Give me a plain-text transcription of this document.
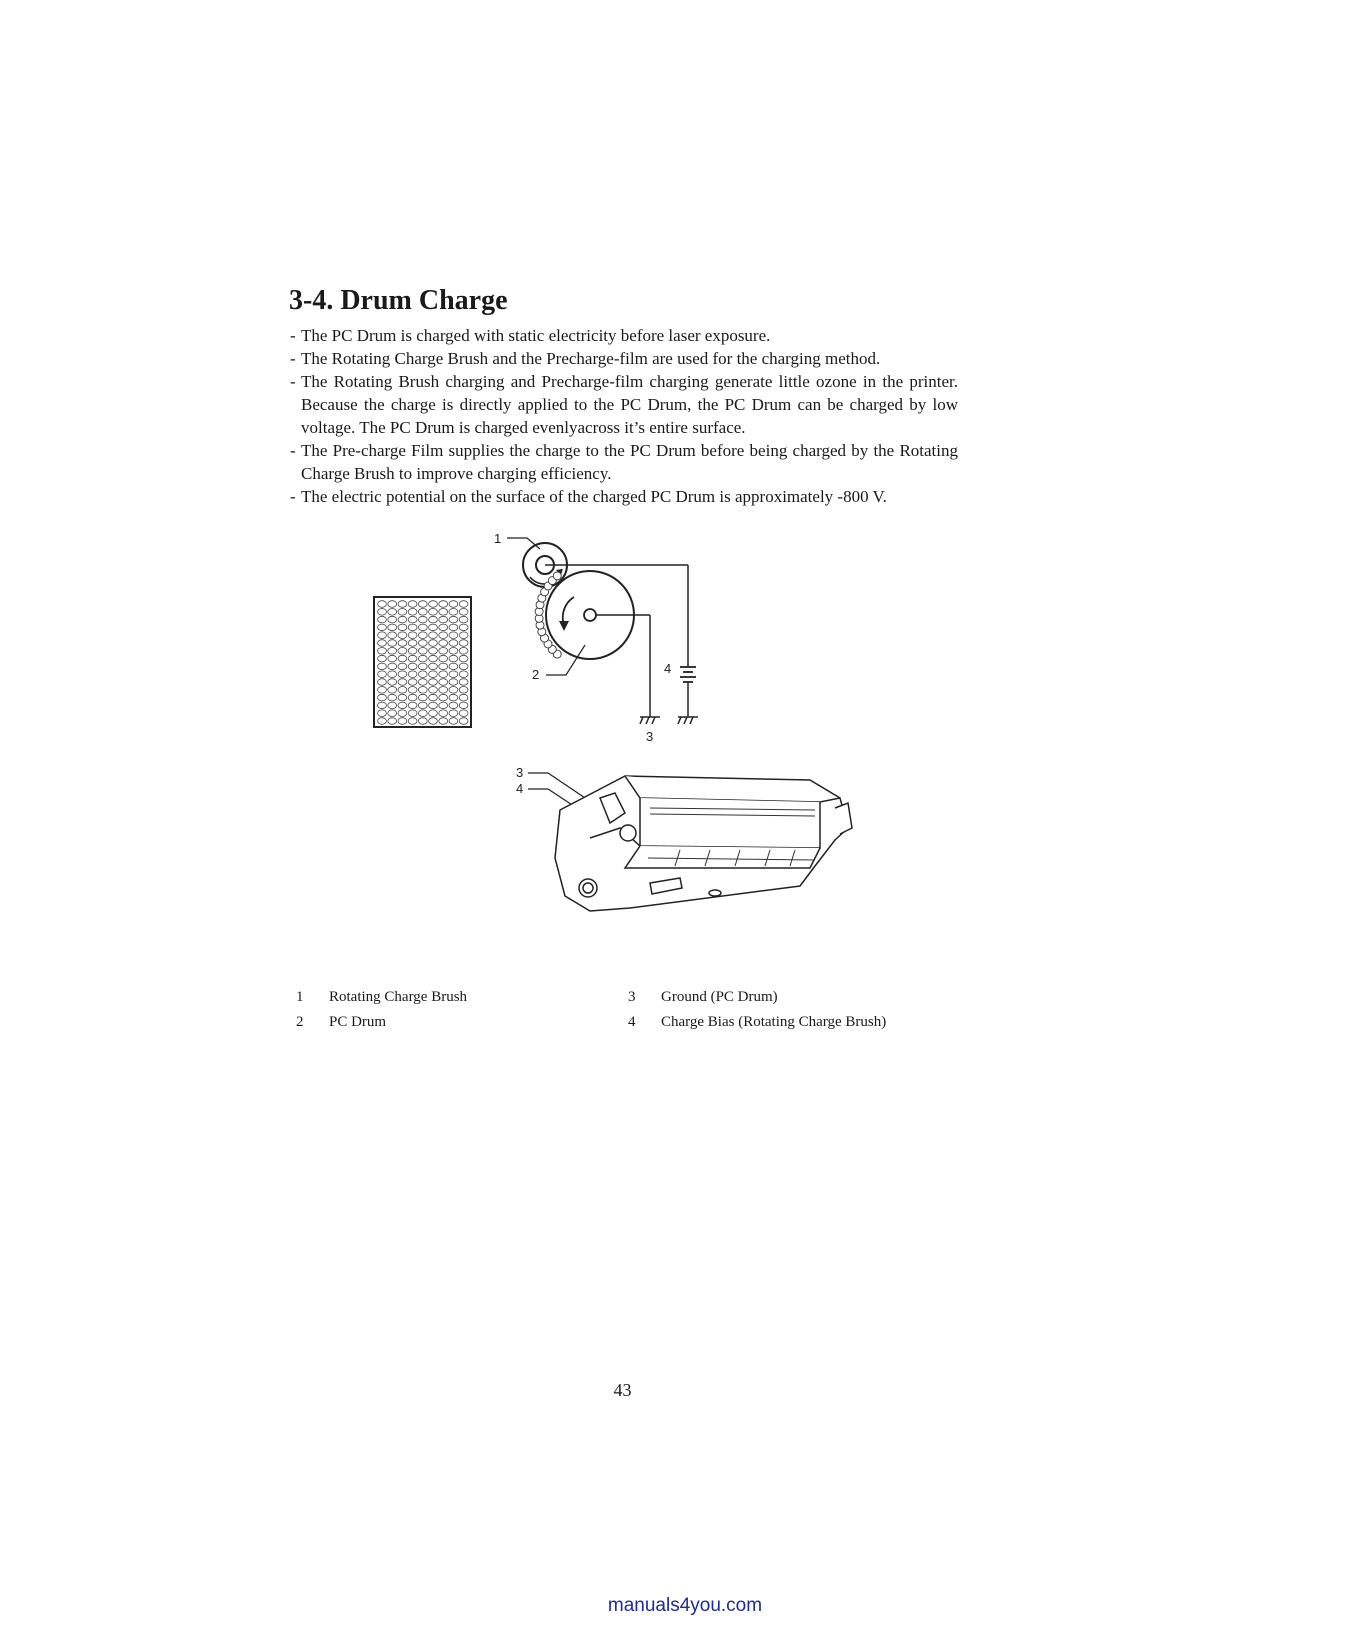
3-4. Drum Charge
- The PC Drum is charged with static electricity before laser exposure.
- The Rotating Charge Brush and the Precharge-film are used for the charging method.
- The Rotating Brush charging and Precharge-film charging generate little ozone in the printer. Because the charge is directly applied to the PC Drum, the PC Drum can be charged by low voltage. The PC Drum is charged evenlyacross it’s entire surface.
- The Pre-charge Film supplies the charge to the PC Drum before being charged by the Rotating Charge Brush to improve charging efficiency.
- The electric potential on the surface of the charged PC Drum is approximately -800 V.
1
2	4
3
3
4
1	Rotating Charge Brush
2	PC Drum
3	Ground (PC Drum)
4	Charge Bias (Rotating Charge Brush)
43
manuals4you.com
